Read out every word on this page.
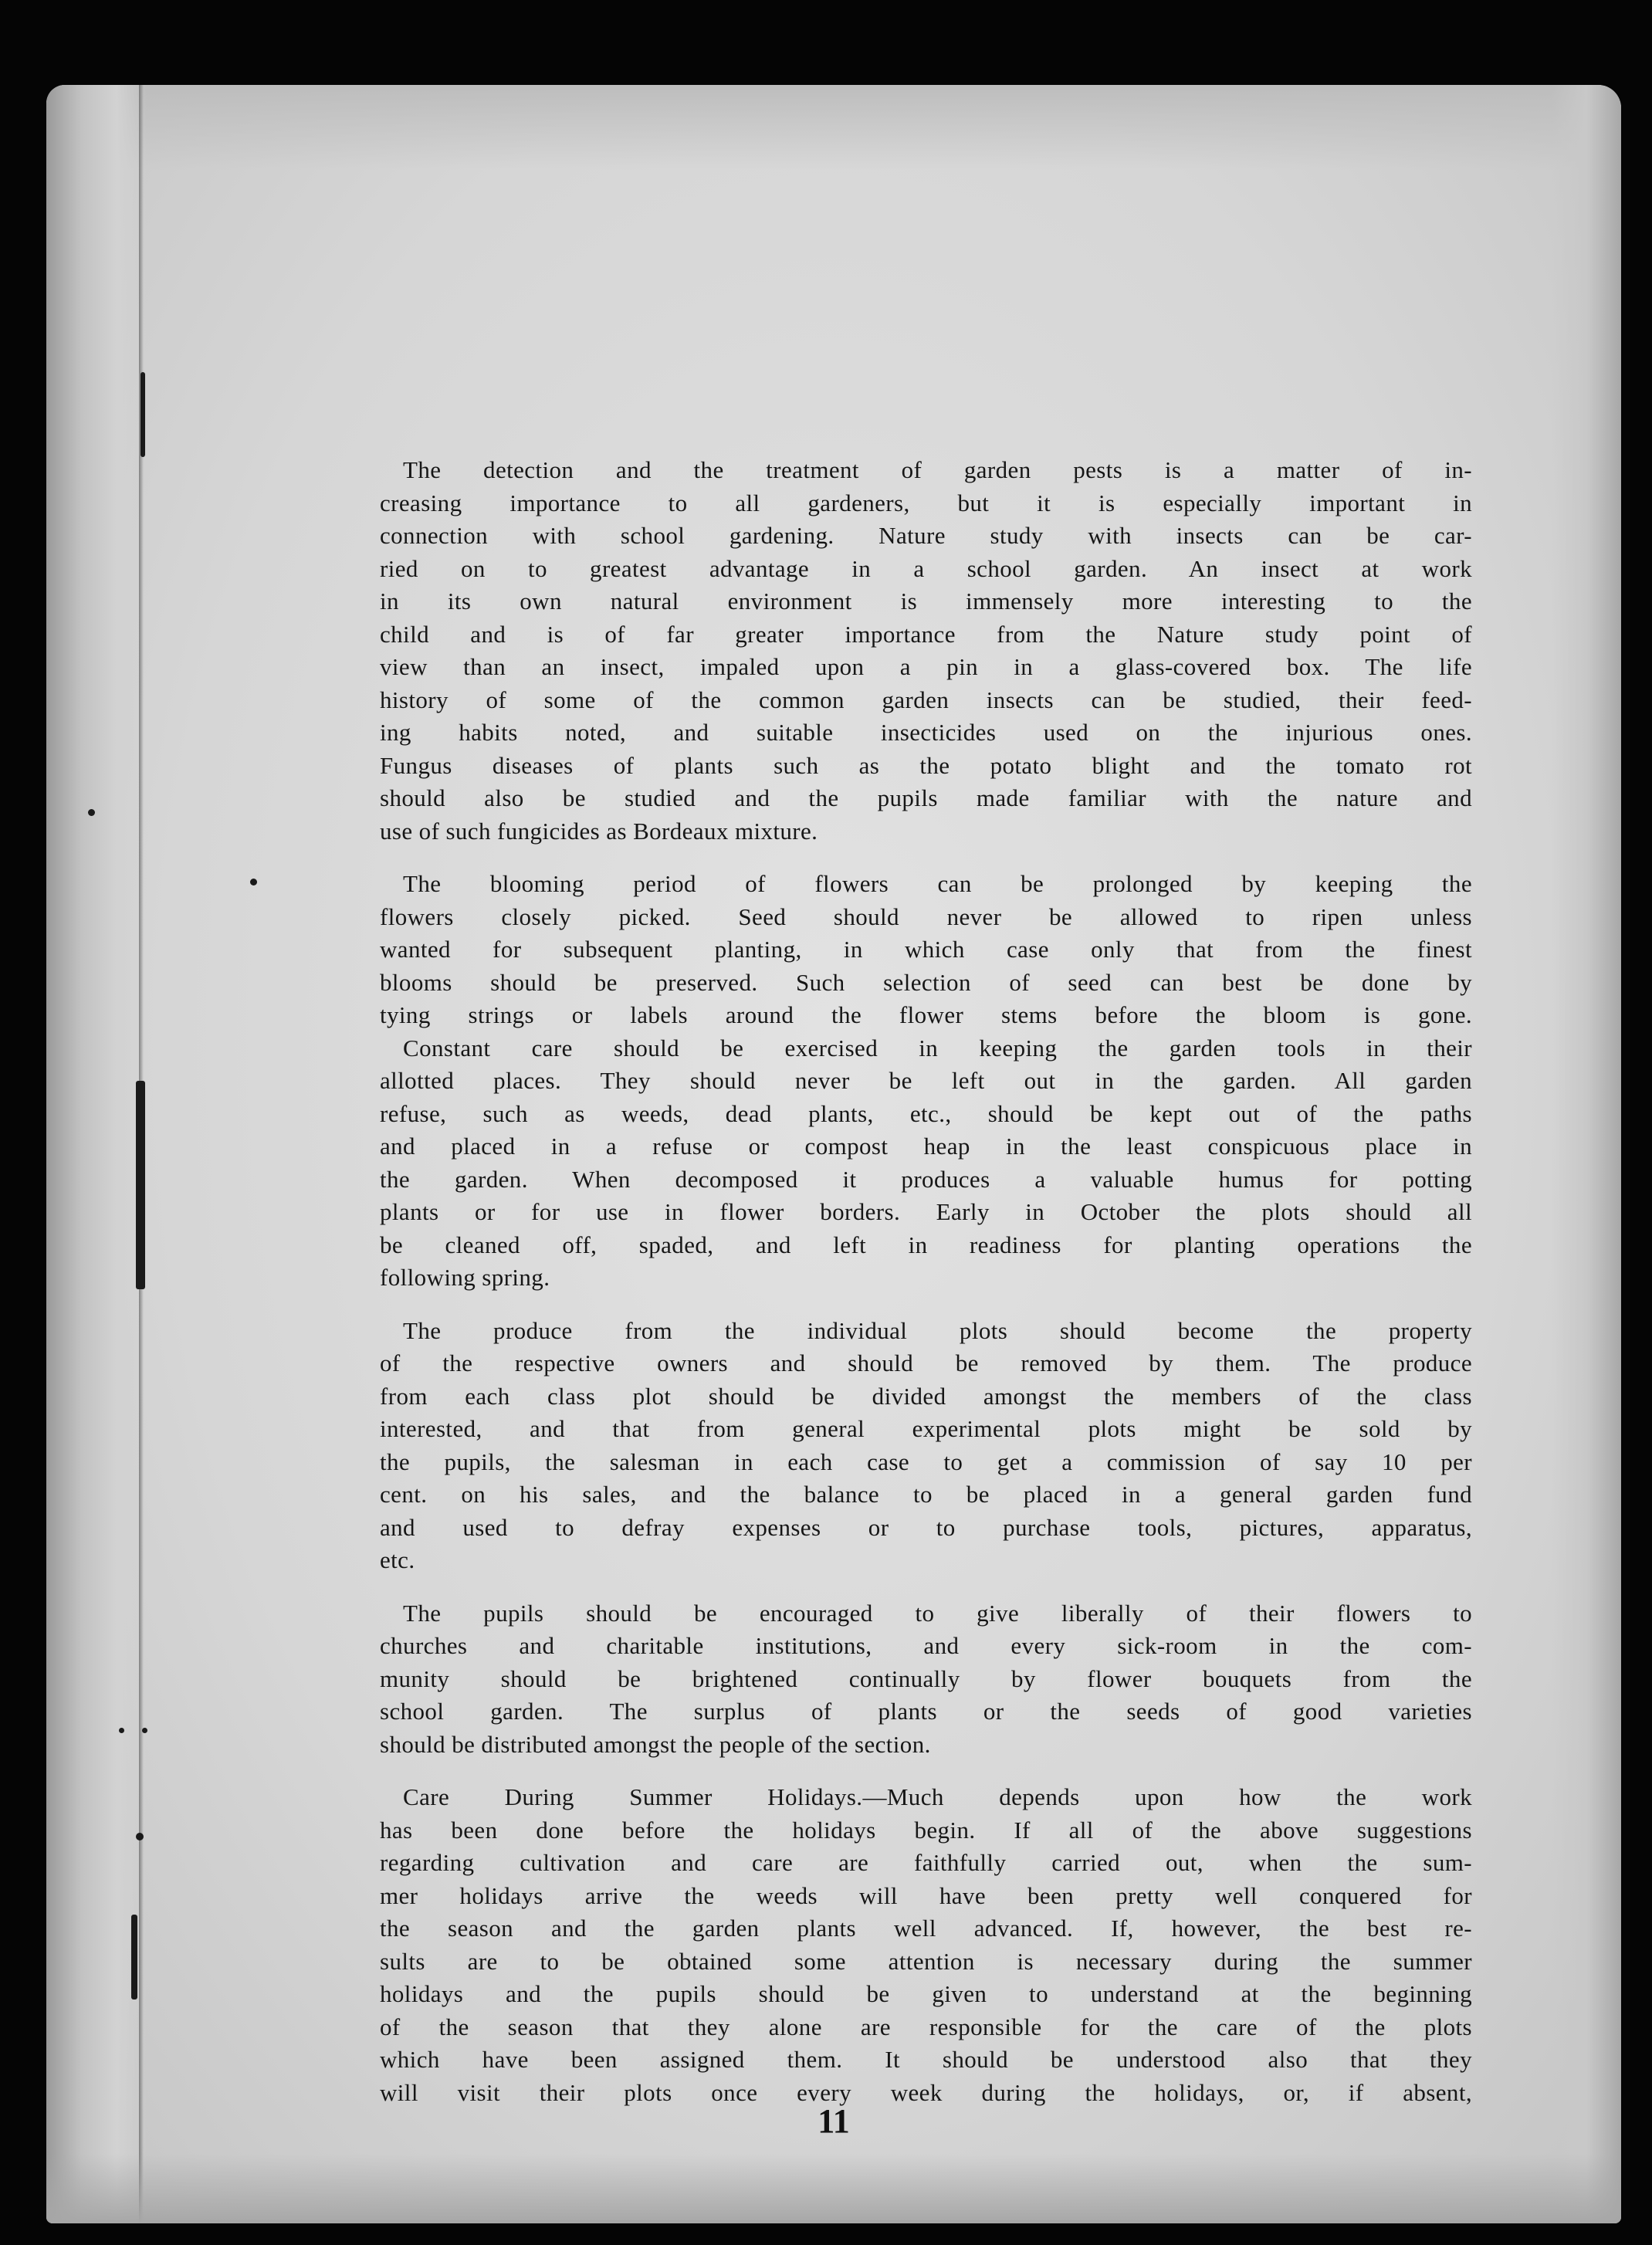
The detection and the treatment of garden pests is a matter of in-
creasing importance to all gardeners, but it is especially important in
connection with school gardening. Nature study with insects can be car-
ried on to greatest advantage in a school garden. An insect at work
in its own natural environment is immensely more interesting to the
child and is of far greater importance from the Nature study point of
view than an insect, impaled upon a pin in a glass-covered box. The life
history of some of the common garden insects can be studied, their feed-
ing habits noted, and suitable insecticides used on the injurious ones.
Fungus diseases of plants such as the potato blight and the tomato rot
should also be studied and the pupils made familiar with the nature and
use of such fungicides as Bordeaux mixture.

The blooming period of flowers can be prolonged by keeping the
flowers closely picked. Seed should never be allowed to ripen unless
wanted for subsequent planting, in which case only that from the finest
blooms should be preserved. Such selection of seed can best be done by
tying strings or labels around the flower stems before the bloom is gone.

Constant care should be exercised in keeping the garden tools in their
allotted places. They should never be left out in the garden. All garden
refuse, such as weeds, dead plants, etc., should be kept out of the paths
and placed in a refuse or compost heap in the least conspicuous place in
the garden. When decomposed it produces a valuable humus for potting
plants or for use in flower borders. Early in October the plots should all
be cleaned off, spaded, and left in readiness for planting operations the
following spring.

The produce from the individual plots should become the property
of the respective owners and should be removed by them. The produce
from each class plot should be divided amongst the members of the class
interested, and that from general experimental plots might be sold by
the pupils, the salesman in each case to get a commission of say 10 per
cent. on his sales, and the balance to be placed in a general garden fund
and used to defray expenses or to purchase tools, pictures, apparatus,
etc.

The pupils should be encouraged to give liberally of their flowers to
churches and charitable institutions, and every sick-room in the com-
munity should be brightened continually by flower bouquets from the
school garden. The surplus of plants or the seeds of good varieties
should be distributed amongst the people of the section.

Care During Summer Holidays.—Much depends upon how the work
has been done before the holidays begin. If all of the above suggestions
regarding cultivation and care are faithfully carried out, when the sum-
mer holidays arrive the weeds will have been pretty well conquered for
the season and the garden plants well advanced. If, however, the best re-
sults are to be obtained some attention is necessary during the summer
holidays and the pupils should be given to understand at the beginning
of the season that they alone are responsible for the care of the plots
which have been assigned them. It should be understood also that they
will visit their plots once every week during the holidays, or, if absent,

11
